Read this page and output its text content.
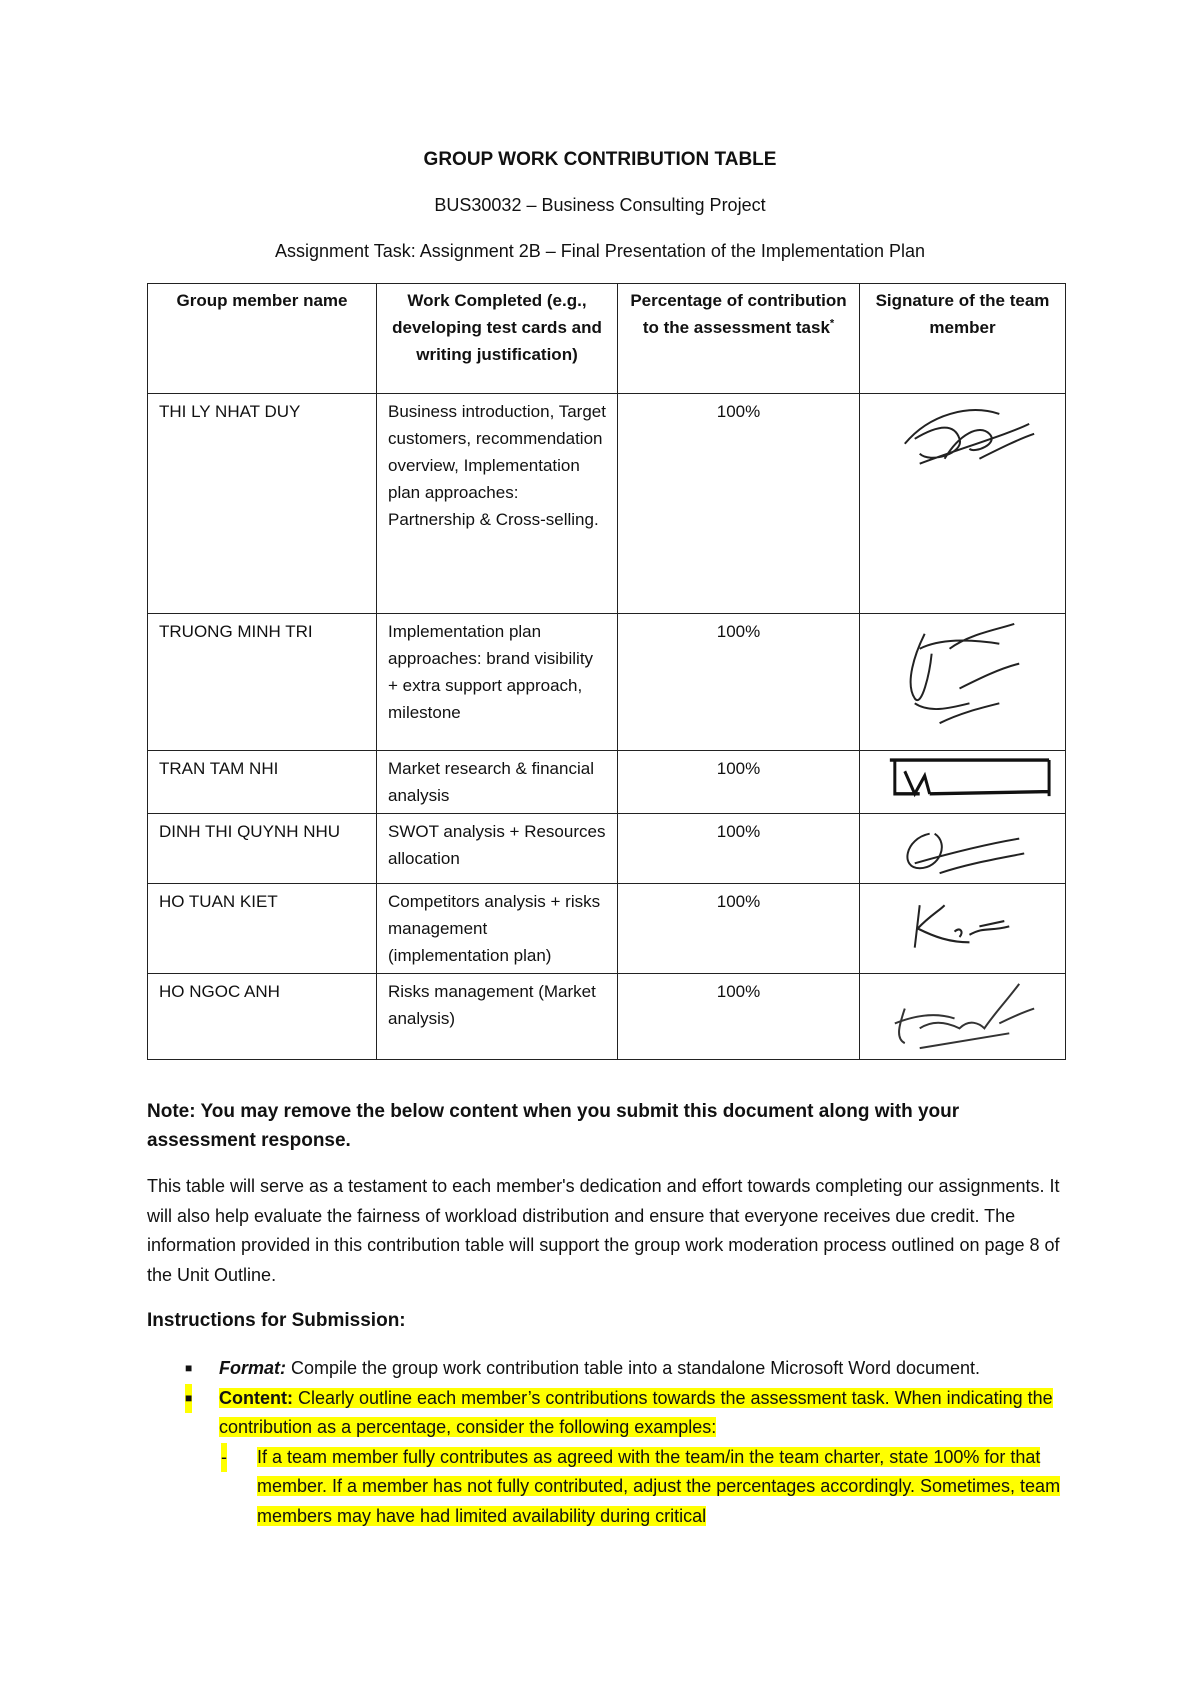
GROUP WORK CONTRIBUTION TABLE
BUS30032 – Business Consulting Project
Assignment Task: Assignment 2B – Final Presentation of the Implementation Plan
Group member name	Work Completed (e.g., developing test cards and writing justification)	Percentage of contribution to the assessment task*	Signature of the team member
THI LY NHAT DUY	Business introduction, Target customers, recommendation overview, Implementation plan approaches: Partnership & Cross-selling.	100%	

TRUONG MINH TRI	Implementation plan approaches: brand visibility + extra support approach, milestone	100%	

TRAN TAM NHI	Market research & financial analysis	100%	

DINH THI QUYNH NHU	SWOT analysis + Resources allocation	100%	

HO TUAN KIET	Competitors analysis + risks management (implementation plan)	100%	

HO NGOC ANH	Risks management (Market analysis)	100%	
Note: You may remove the below content when you submit this document along with your assessment response.
This table will serve as a testament to each member's dedication and effort towards completing our assignments. It will also help evaluate the fairness of workload distribution and ensure that everyone receives due credit. The information provided in this contribution table will support the group work moderation process outlined on page 8 of the Unit Outline.
Instructions for Submission:
■ Format: Compile the group work contribution table into a standalone Microsoft Word document.
■ Content: Clearly outline each member’s contributions towards the assessment task. When indicating the contribution as a percentage, consider the following examples:
- If a team member fully contributes as agreed with the team/in the team charter, state 100% for that member. If a member has not fully contributed, adjust the percentages accordingly. Sometimes, team members may have had limited availability during critical
